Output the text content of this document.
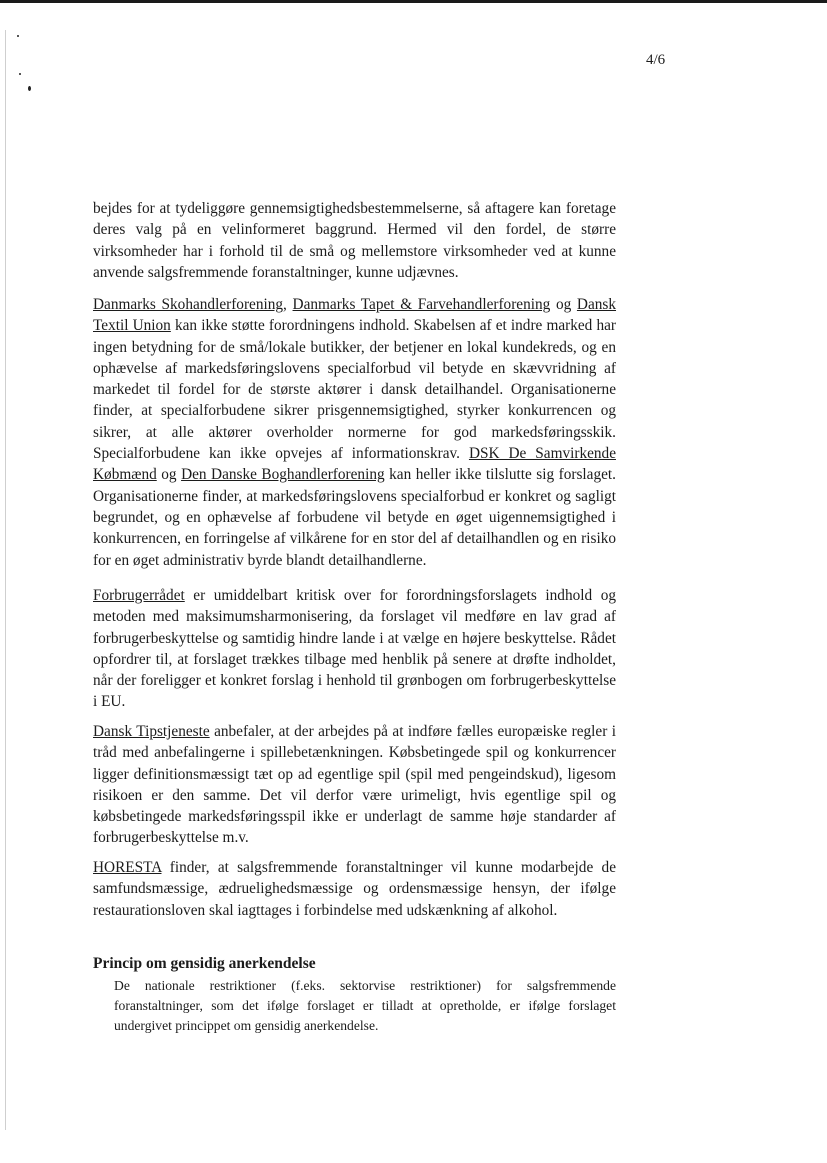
4/6
bejdes for at tydeliggøre gennemsigtighedsbestemmelserne, så aftagere kan foretage deres valg på en velinformeret baggrund. Hermed vil den fordel, de større virksomheder har i forhold til de små og mellemstore virksomheder ved at kunne anvende salgsfremmende foranstaltninger, kunne udjævnes.
Danmarks Skohandlerforening, Danmarks Tapet & Farvehandlerforening og Dansk Textil Union kan ikke støtte forordningens indhold. Skabelsen af et indre marked har ingen betydning for de små/lokale butikker, der betjener en lokal kundekreds, og en ophævelse af markedsføringslovens specialforbud vil betyde en skævvridning af markedet til fordel for de største aktører i dansk detailhandel. Organisationerne finder, at specialforbudene sikrer prisgennemsigtighed, styrker konkurrencen og sikrer, at alle aktører overholder normerne for god markedsføringsskik. Specialforbudene kan ikke opvejes af informationskrav. DSK De Samvirkende Købmænd og Den Danske Boghandlerforening kan heller ikke tilslutte sig forslaget. Organisationerne finder, at markedsføringslovens specialforbud er konkret og sagligt begrundet, og en ophævelse af forbudene vil betyde en øget uigennemsigtighed i konkurrencen, en forringelse af vilkårene for en stor del af detailhandlen og en risiko for en øget administrativ byrde blandt detailhandlerne.
Forbrugerrådet er umiddelbart kritisk over for forordningsforslagets indhold og metoden med maksimumsharmonisering, da forslaget vil medføre en lav grad af forbrugerbeskyttelse og samtidig hindre lande i at vælge en højere beskyttelse. Rådet opfordrer til, at forslaget trækkes tilbage med henblik på senere at drøfte indholdet, når der foreligger et konkret forslag i henhold til grønbogen om forbrugerbeskyttelse i EU.
Dansk Tipstjeneste anbefaler, at der arbejdes på at indføre fælles europæiske regler i tråd med anbefalingerne i spillebetænkningen. Købsbetingede spil og konkurrencer ligger definitionsmæssigt tæt op ad egentlige spil (spil med pengeindskud), ligesom risikoen er den samme. Det vil derfor være urimeligt, hvis egentlige spil og købsbetingede markedsføringsspil ikke er underlagt de samme høje standarder af forbrugerbeskyttelse m.v.
HORESTA finder, at salgsfremmende foranstaltninger vil kunne modarbejde de samfundsmæssige, ædruelighedsmæssige og ordensmæssige hensyn, der ifølge restaurationsloven skal iagttages i forbindelse med udskænkning af alkohol.
Princip om gensidig anerkendelse
De nationale restriktioner (f.eks. sektorvise restriktioner) for salgsfremmende foranstaltninger, som det ifølge forslaget er tilladt at opretholde, er ifølge forslaget undergivet princippet om gensidig anerkendelse.
